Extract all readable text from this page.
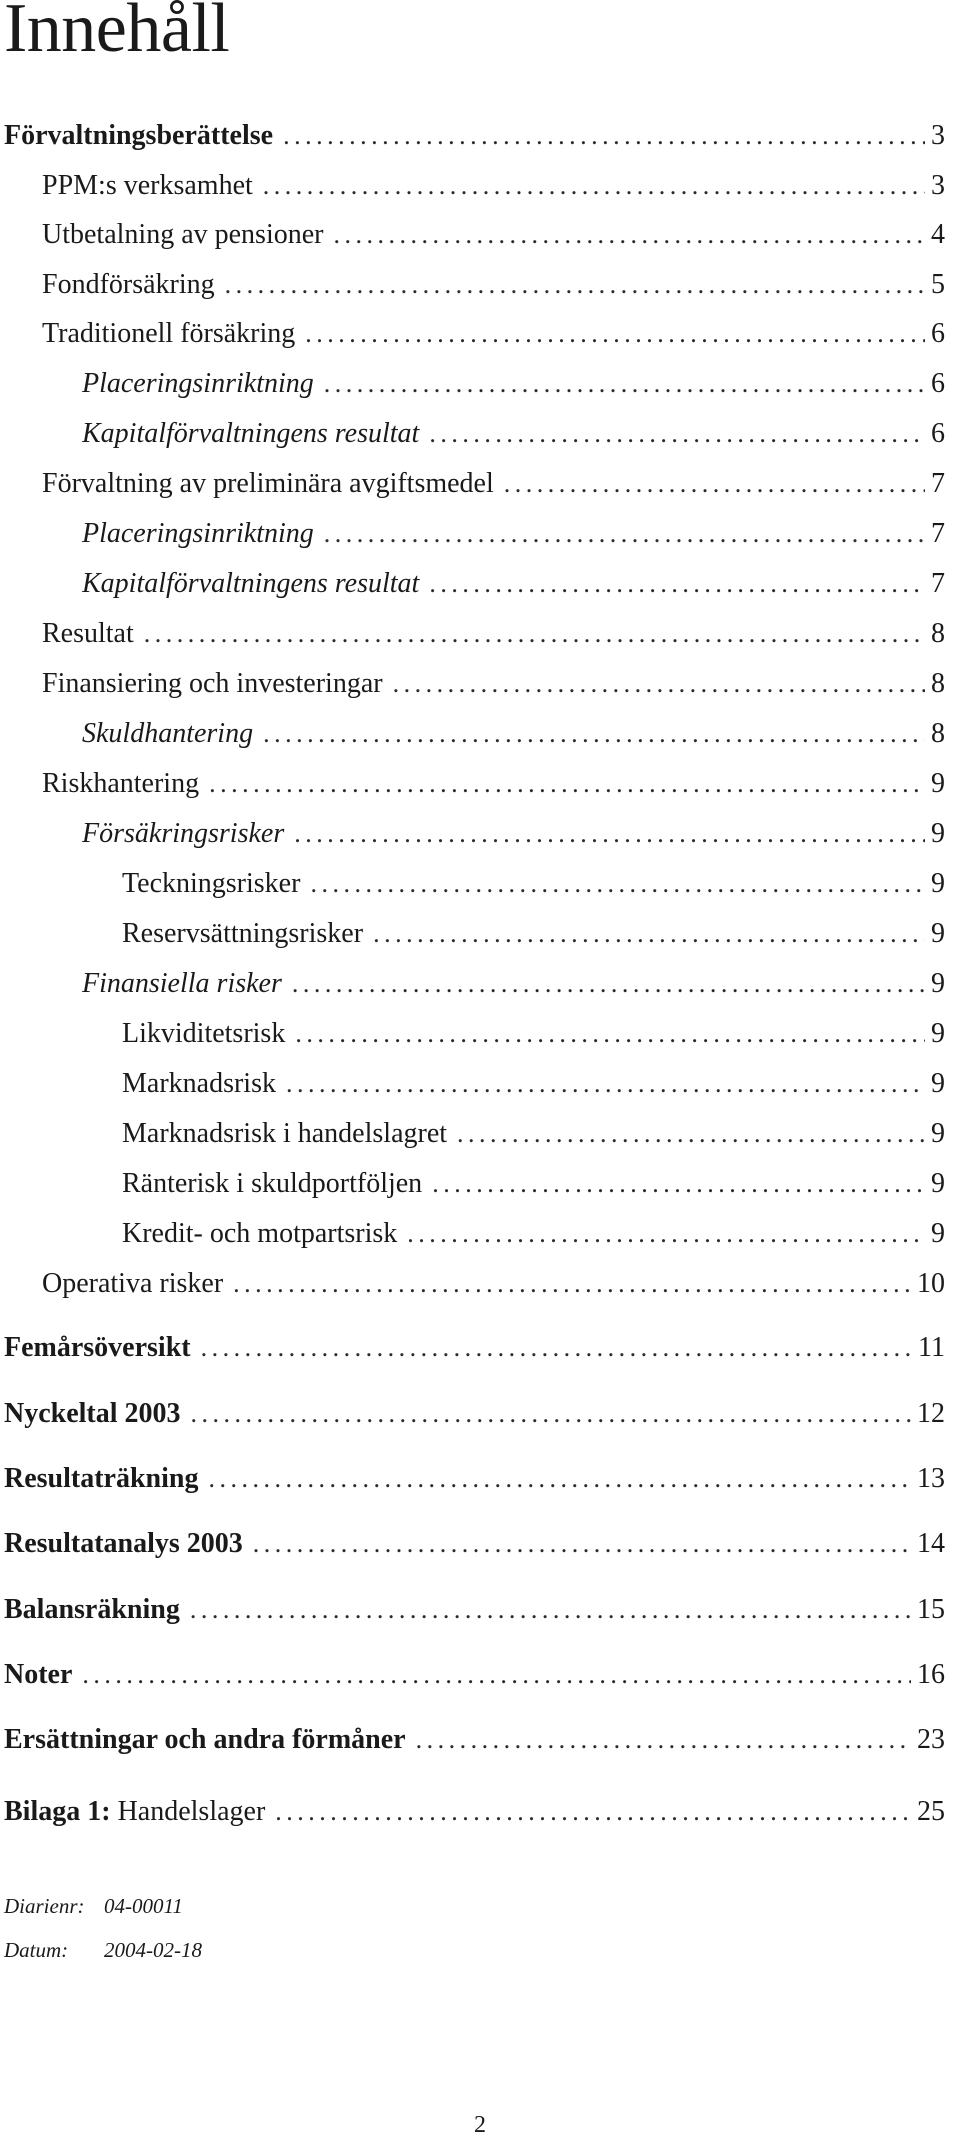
Innehåll
Förvaltningsberättelse .....	3
PPM:s verksamhet .....	3
Utbetalning av pensioner .....	4
Fondförsäkring .....	5
Traditionell försäkring .....	6
Placeringsinriktning .....	6
Kapitalförvaltningens resultat .....	6
Förvaltning av preliminära avgiftsmedel .....	7
Placeringsinriktning .....	7
Kapitalförvaltningens resultat .....	7
Resultat .....	8
Finansiering och investeringar .....	8
Skuldhantering .....	8
Riskhantering .....	9
Försäkringsrisker .....	9
Teckningsrisker .....	9
Reservsättningsrisker .....	9
Finansiella risker .....	9
Likviditetsrisk .....	9
Marknadsrisk .....	9
Marknadsrisk i handelslagret .....	9
Ränterisk i skuldportföljen .....	9
Kredit- och motpartsrisk .....	9
Operativa risker .....	10
Femårsöversikt .....	11
Nyckeltal 2003 .....	12
Resultaträkning .....	13
Resultatanalys 2003 .....	14
Balansräkning .....	15
Noter .....	16
Ersättningar och andra förmåner .....	23
Bilaga 1: Handelslager .....	25
Diarienr: 04-00011
Datum: 2004-02-18
2
